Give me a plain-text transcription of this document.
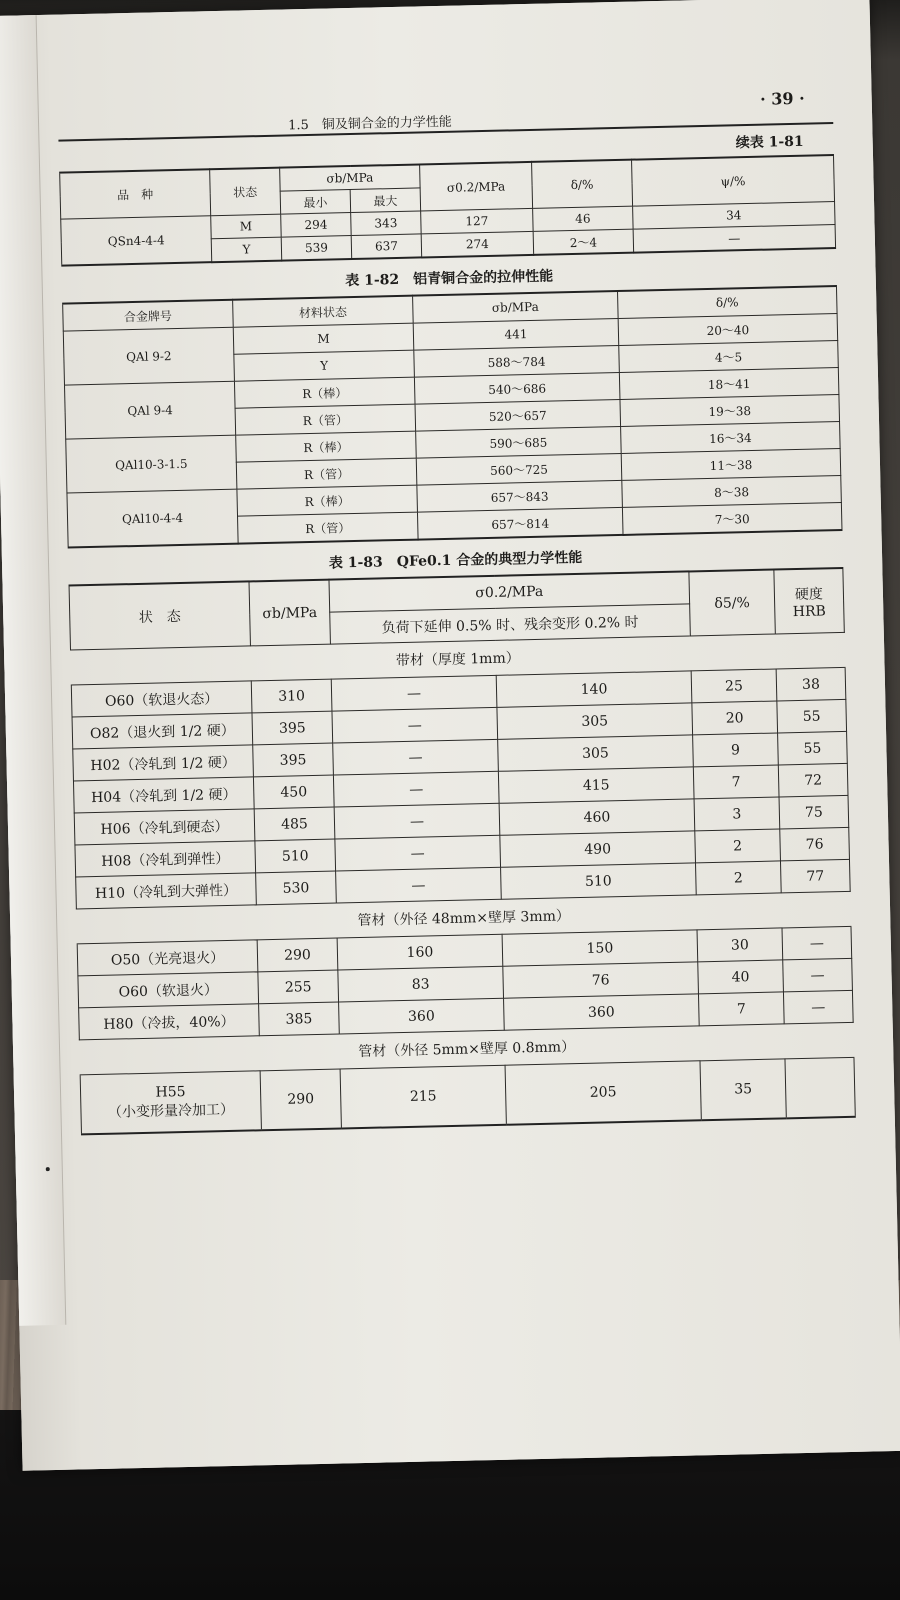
1.5　铜及铜合金的力学性能
· 39 ·
续表 1-81
品　种	状态	σb/MPa		σ0.2/MPa	δ/%	ψ/%
		最小	最大			
QSn4-4-4	M	294	343	127	46	34
	Y	539	637	274	2～4	—
表 1-82　铝青铜合金的拉伸性能
合金牌号	材料状态	σb/MPa	δ/%
QAl 9-2	M	441	20～40
	Y	588～784	4～5
QAl 9-4	R（棒）	540～686	18～41
	R（管）	520～657	19～38
QAl10-3-1.5	R（棒）	590～685	16～34
	R（管）	560～725	11～38
QAl10-4-4	R（棒）	657～843	8～38
	R（管）	657～814	7～30
表 1-83　QFe0.1 合金的典型力学性能
状　态	σb/MPa	σ0.2/MPa		δ5/%	硬度 HRB
		负荷下延伸 0.5% 时、残余变形 0.2% 时			
带材（厚度 1mm）					
O60（软退火态）	310	—	140	25	38
O82（退火到 1/2 硬）	395	—	305	20	55
H02（冷轧到 1/2 硬）	395	—	305	9	55
H04（冷轧到 1/2 硬）	450	—	415	7	72
H06（冷轧到硬态）	485	—	460	3	75
H08（冷轧到弹性）	510	—	490	2	76
H10（冷轧到大弹性）	530	—	510	2	77
管材（外径 48mm×壁厚 3mm）					
O50（光亮退火）	290	160	150	30	—
O60（软退火）	255	83	76	40	—
H80（冷拔，40%）	385	360	360	7	—
管材（外径 5mm×壁厚 0.8mm）					

H55
（小变形量冷加工）	290	215	205	35	
